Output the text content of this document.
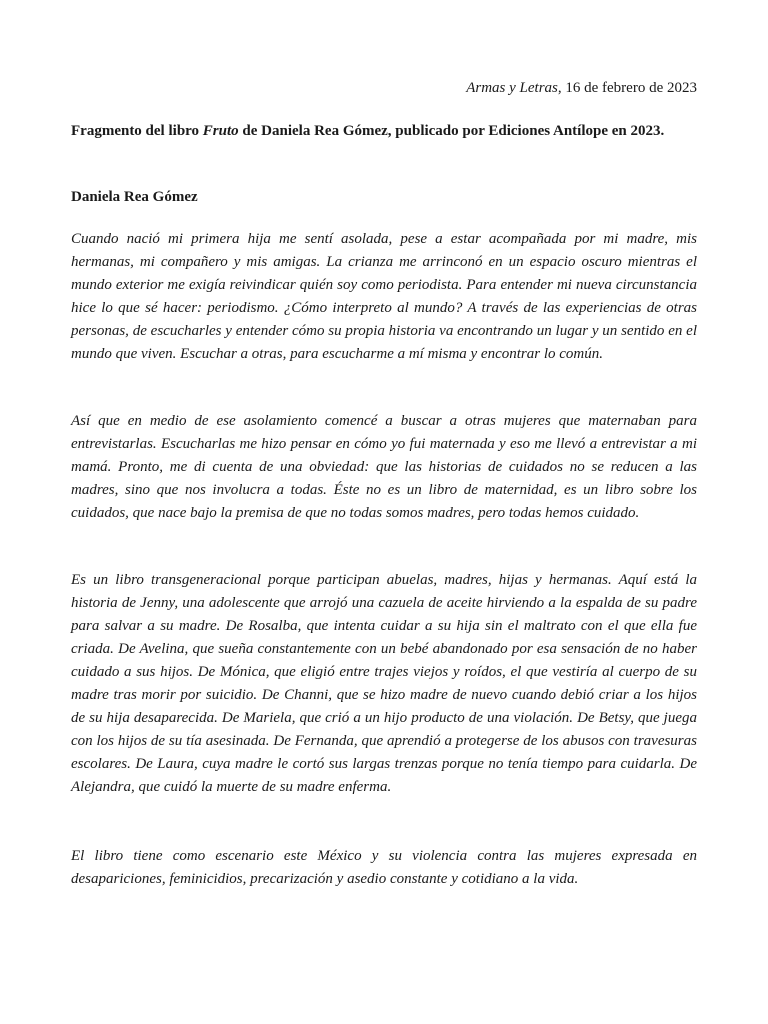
Armas y Letras, 16 de febrero de 2023

Fragmento del libro Fruto de Daniela Rea Gómez, publicado por Ediciones Antílope en 2023.

Daniela Rea Gómez

Cuando nació mi primera hija me sentí asolada, pese a estar acompañada por mi madre, mis hermanas, mi compañero y mis amigas. La crianza me arrinconó en un espacio oscuro mientras el mundo exterior me exigía reivindicar quién soy como periodista. Para entender mi nueva circunstancia hice lo que sé hacer: periodismo. ¿Cómo interpreto al mundo? A través de las experiencias de otras personas, de escucharles y entender cómo su propia historia va encontrando un lugar y un sentido en el mundo que viven. Escuchar a otras, para escucharme a mí misma y encontrar lo común.

Así que en medio de ese asolamiento comencé a buscar a otras mujeres que maternaban para entrevistarlas. Escucharlas me hizo pensar en cómo yo fui maternada y eso me llevó a entrevistar a mi mamá. Pronto, me di cuenta de una obviedad: que las historias de cuidados no se reducen a las madres, sino que nos involucra a todas. Éste no es un libro de maternidad, es un libro sobre los cuidados, que nace bajo la premisa de que no todas somos madres, pero todas hemos cuidado.

Es un libro transgeneracional porque participan abuelas, madres, hijas y hermanas. Aquí está la historia de Jenny, una adolescente que arrojó una cazuela de aceite hirviendo a la espalda de su padre para salvar a su madre. De Rosalba, que intenta cuidar a su hija sin el maltrato con el que ella fue criada. De Avelina, que sueña constantemente con un bebé abandonado por esa sensación de no haber cuidado a sus hijos. De Mónica, que eligió entre trajes viejos y roídos, el que vestiría al cuerpo de su madre tras morir por suicidio. De Channi, que se hizo madre de nuevo cuando debió criar a los hijos de su hija desaparecida. De Mariela, que crió a un hijo producto de una violación. De Betsy, que juega con los hijos de su tía asesinada. De Fernanda, que aprendió a protegerse de los abusos con travesuras escolares. De Laura, cuya madre le cortó sus largas trenzas porque no tenía tiempo para cuidarla. De Alejandra, que cuidó la muerte de su madre enferma.

El libro tiene como escenario este México y su violencia contra las mujeres expresada en desapariciones, feminicidios, precarización y asedio constante y cotidiano a la vida.
